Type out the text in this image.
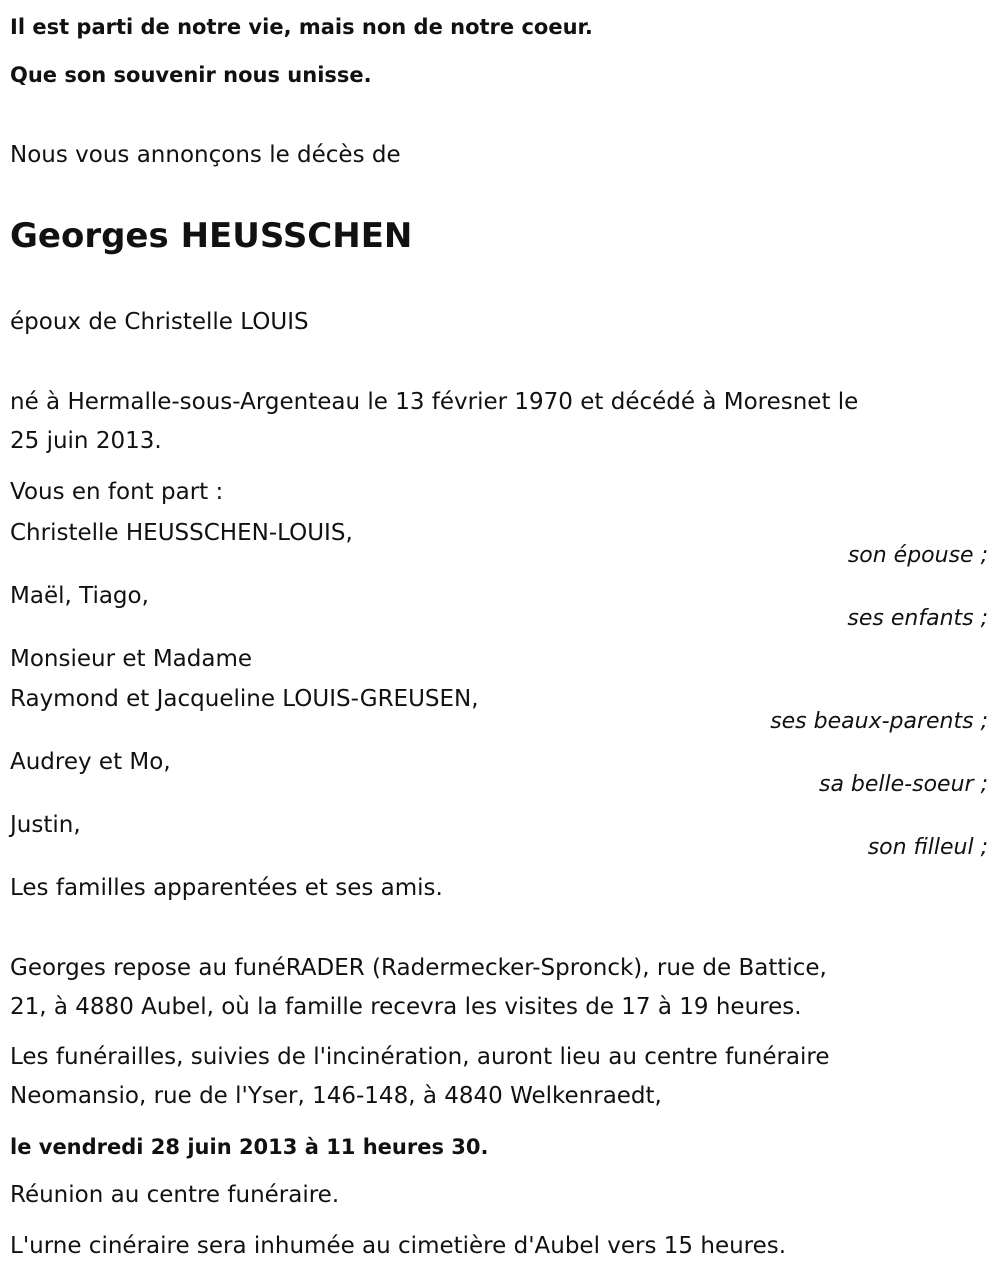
Il est parti de notre vie, mais non de notre coeur.
Que son souvenir nous unisse.
Nous vous annonçons le décès de
Georges HEUSSCHEN
époux de Christelle LOUIS
né à Hermalle-sous-Argenteau le 13 février 1970 et décédé à Moresnet le
25 juin 2013.
Vous en font part :
Christelle HEUSSCHEN-LOUIS,
son épouse ;
Maël, Tiago,
ses enfants ;
Monsieur et Madame
Raymond et Jacqueline LOUIS-GREUSEN,
ses beaux-parents ;
Audrey et Mo,
sa belle-soeur ;
Justin,
son filleul ;
Les familles apparentées et ses amis.
Georges repose au funéRADER (Radermecker-Spronck), rue de Battice,
21, à 4880 Aubel, où la famille recevra les visites de 17 à 19 heures.
Les funérailles, suivies de l'incinération, auront lieu au centre funéraire
Neomansio, rue de l'Yser, 146-148, à 4840 Welkenraedt,
le vendredi 28 juin 2013 à 11 heures 30.
Réunion au centre funéraire.
L'urne cinéraire sera inhumée au cimetière d'Aubel vers 15 heures.
